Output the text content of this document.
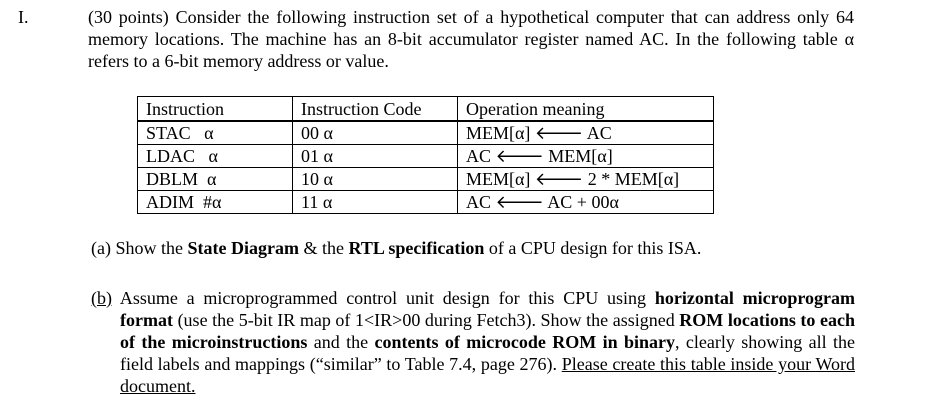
I.	(30 points) Consider the following instruction set of a hypothetical computer that can address only 64 memory locations. The machine has an 8-bit accumulator register named AC. In the following table α refers to a 6-bit memory address or value.
Instruction	Instruction Code	Operation meaning
STAC   α	00 α	MEM[α] 🡐 AC
LDAC   α	01 α	AC 🡐 MEM[α]
DBLM  α	10 α	MEM[α] 🡐 2 * MEM[α]
ADIM  #α	11 α	AC 🡐 AC + 00α
(a) Show the State Diagram & the RTL specification of a CPU design for this ISA.
(b) Assume a microprogrammed control unit design for this CPU using horizontal microprogram format (use the 5-bit IR map of 1<IR>00 during Fetch3). Show the assigned ROM locations to each of the microinstructions and the contents of microcode ROM in binary, clearly showing all the field labels and mappings (“similar” to Table 7.4, page 276). Please create this table inside your Word document.
